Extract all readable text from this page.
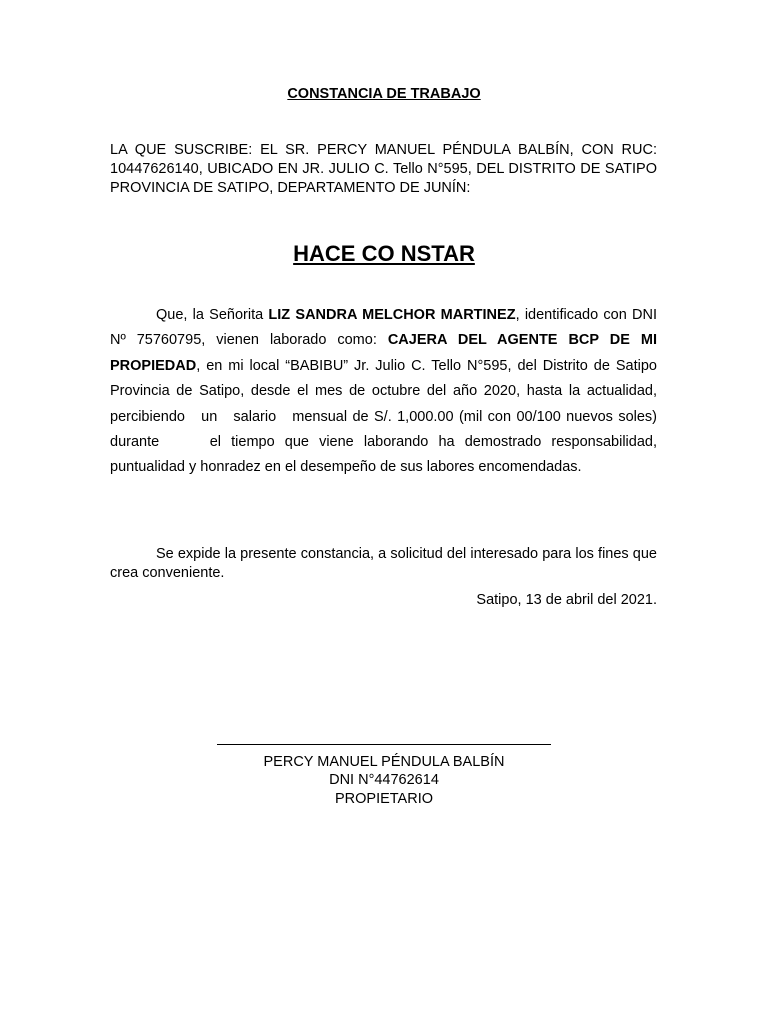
CONSTANCIA DE TRABAJO
LA QUE SUSCRIBE: EL SR. PERCY MANUEL PÉNDULA BALBÍN, CON RUC: 10447626140, UBICADO EN JR. JULIO C. Tello N°595, DEL DISTRITO DE SATIPO PROVINCIA DE SATIPO, DEPARTAMENTO DE JUNÍN:
HACE CO NSTAR
Que, la Señorita LIZ SANDRA MELCHOR MARTINEZ, identificado con DNI Nº 75760795, vienen laborado como: CAJERA DEL AGENTE BCP DE MI PROPIEDAD, en mi local “BABIBU” Jr. Julio C. Tello N°595, del Distrito de Satipo Provincia de Satipo, desde el mes de octubre del año 2020, hasta la actualidad, percibiendo   un   salario   mensual de S/. 1,000.00 (mil con 00/100 nuevos soles) durante     el tiempo que viene laborando ha demostrado responsabilidad, puntualidad y honradez en el desempeño de sus labores encomendadas.
Se expide la presente constancia, a solicitud del interesado para los fines que crea conveniente.
Satipo, 13 de abril del 2021.
PERCY MANUEL PÉNDULA BALBÍN
DNI N°44762614
PROPIETARIO
